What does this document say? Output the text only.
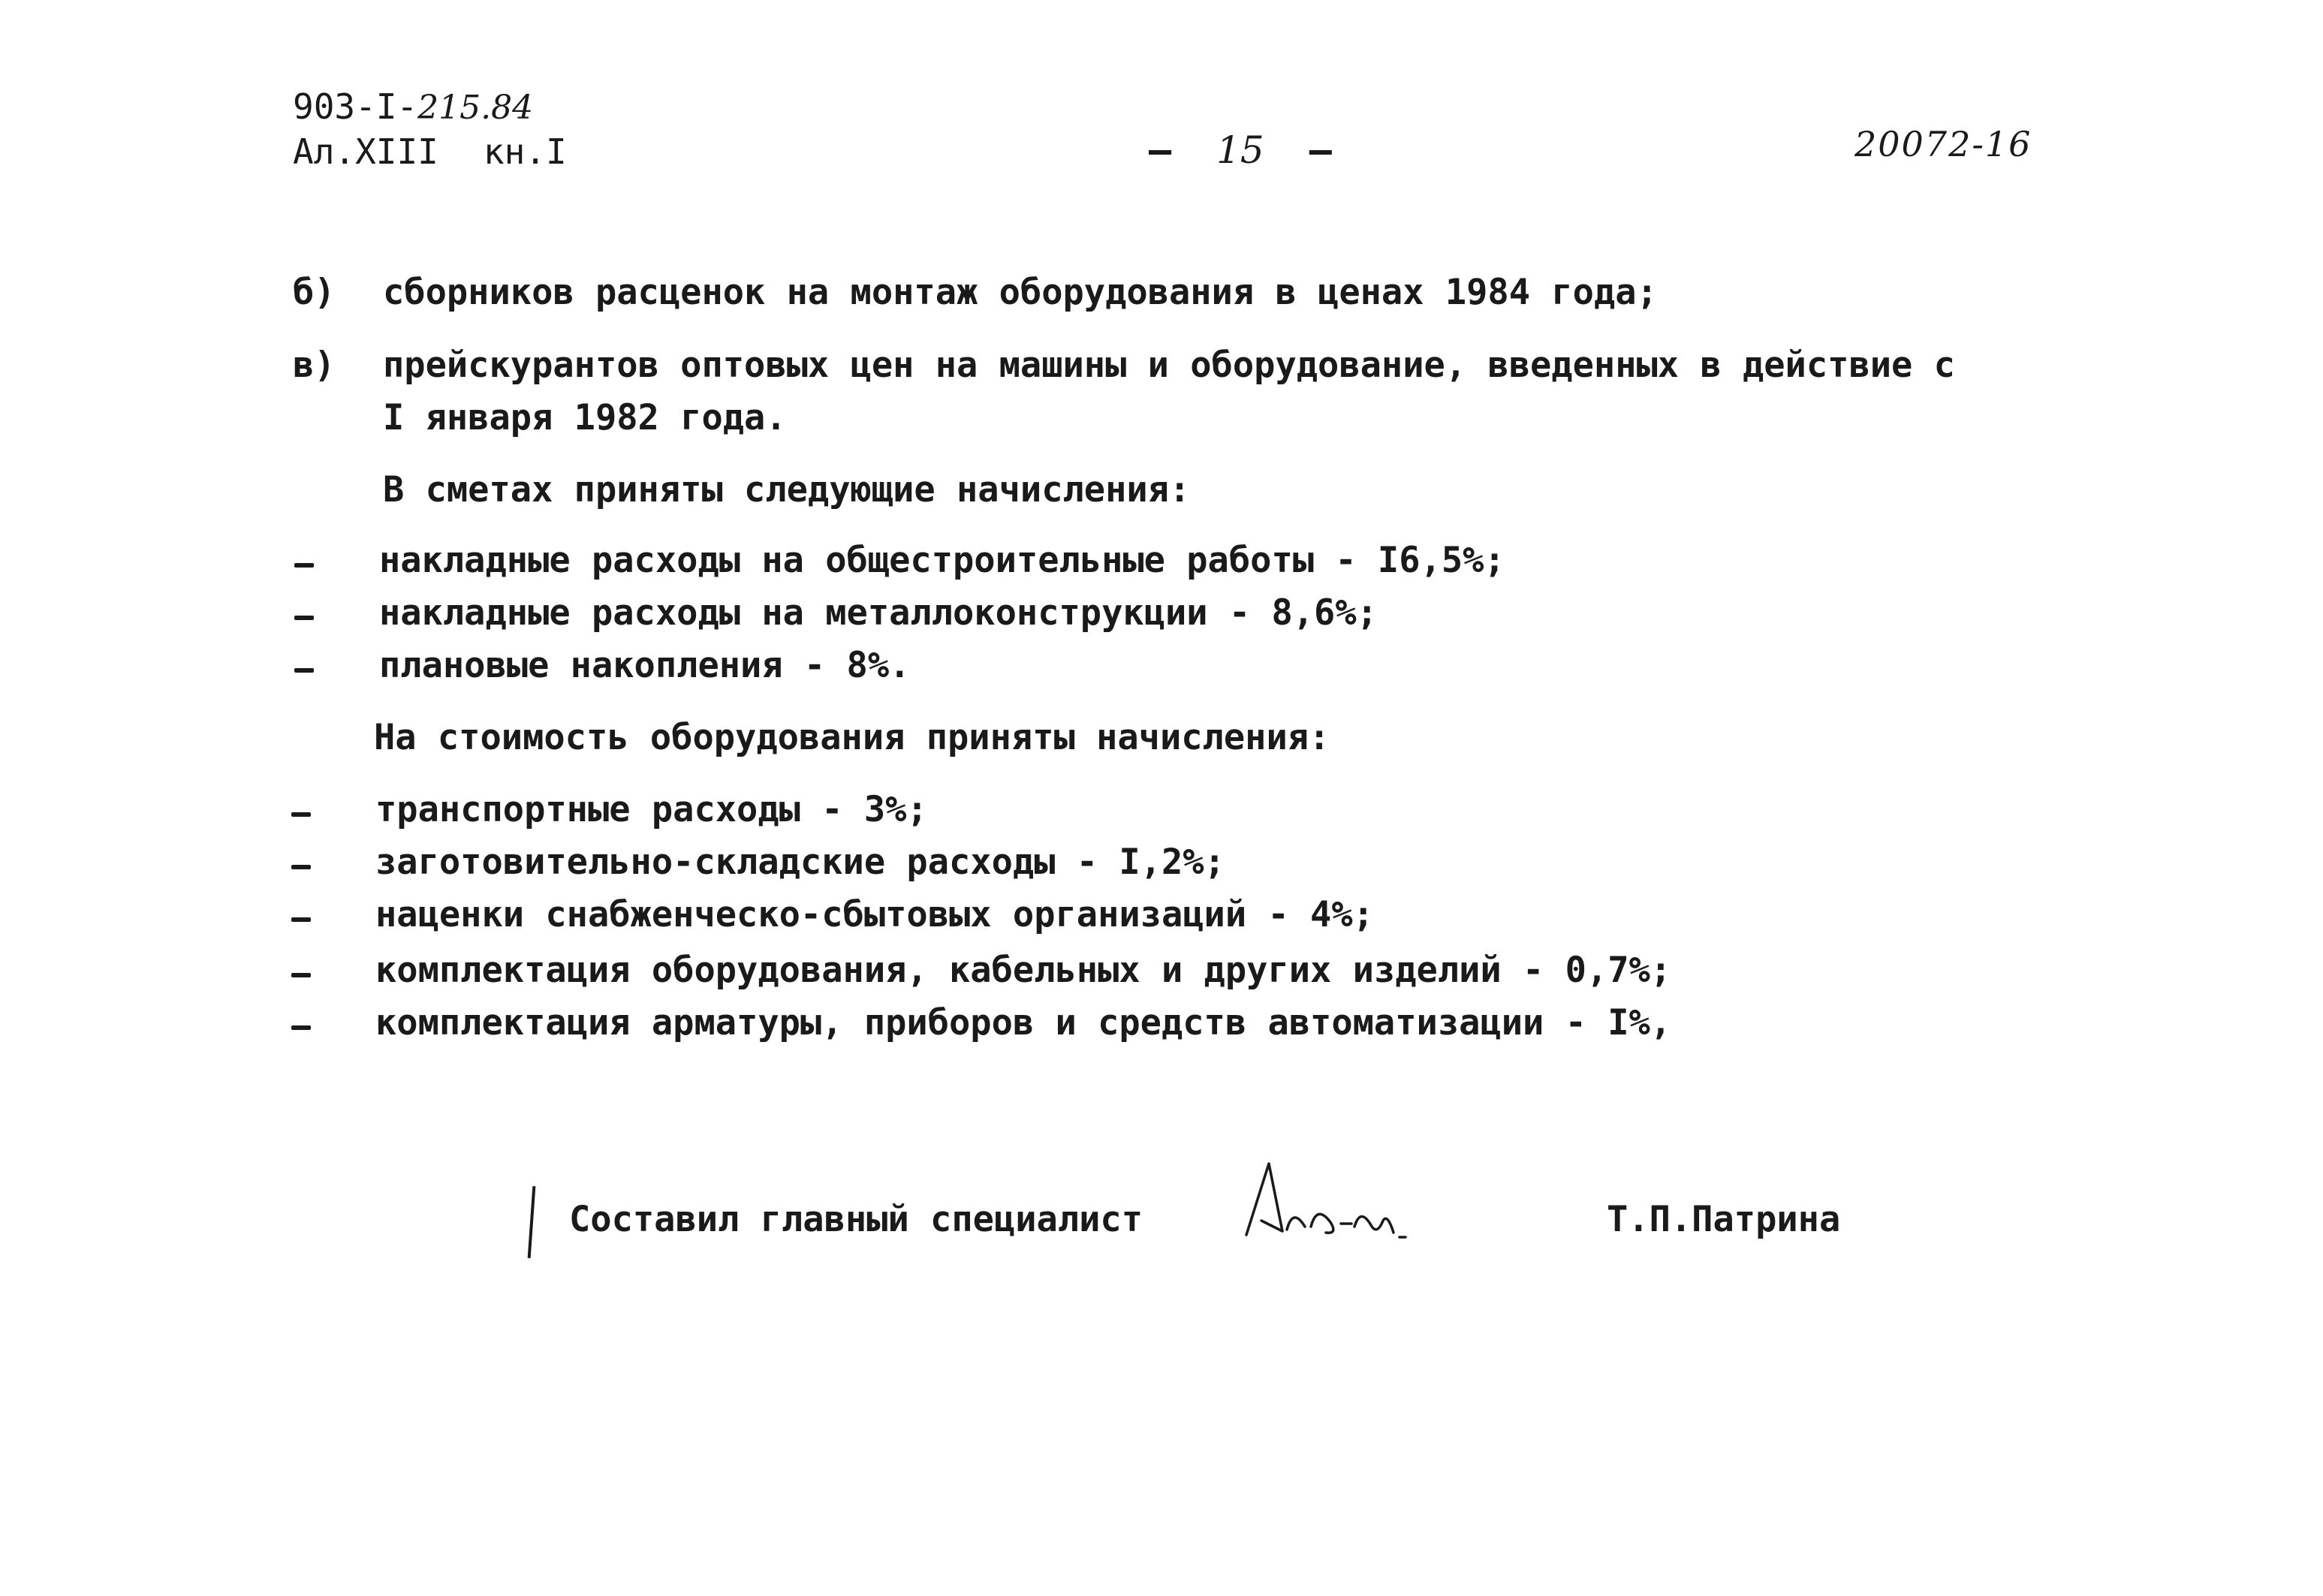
903-I-215.84
Ал.XIII кн.I	– 15 –	20072-16
б) сборников расценок на монтаж оборудования в ценах 1984 года;
в) прейскурантов оптовых цен на машины и оборудование, введенных в действие с
I января 1982 года.
В сметах приняты следующие начисления:
накладные расходы на общестроительные работы - I6,5%;
накладные расходы на металлоконструкции - 8,6%;
плановые накопления - 8%.
На стоимость оборудования приняты начисления:
транспортные расходы - 3%;
заготовительно-складские расходы - I,2%;
наценки снабженческо-сбытовых организаций - 4%;
комплектация оборудования, кабельных и других изделий - 0,7%;
комплектация арматуры, приборов и средств автоматизации - I%,
Составил главный специалист	Т.П.Патрина
